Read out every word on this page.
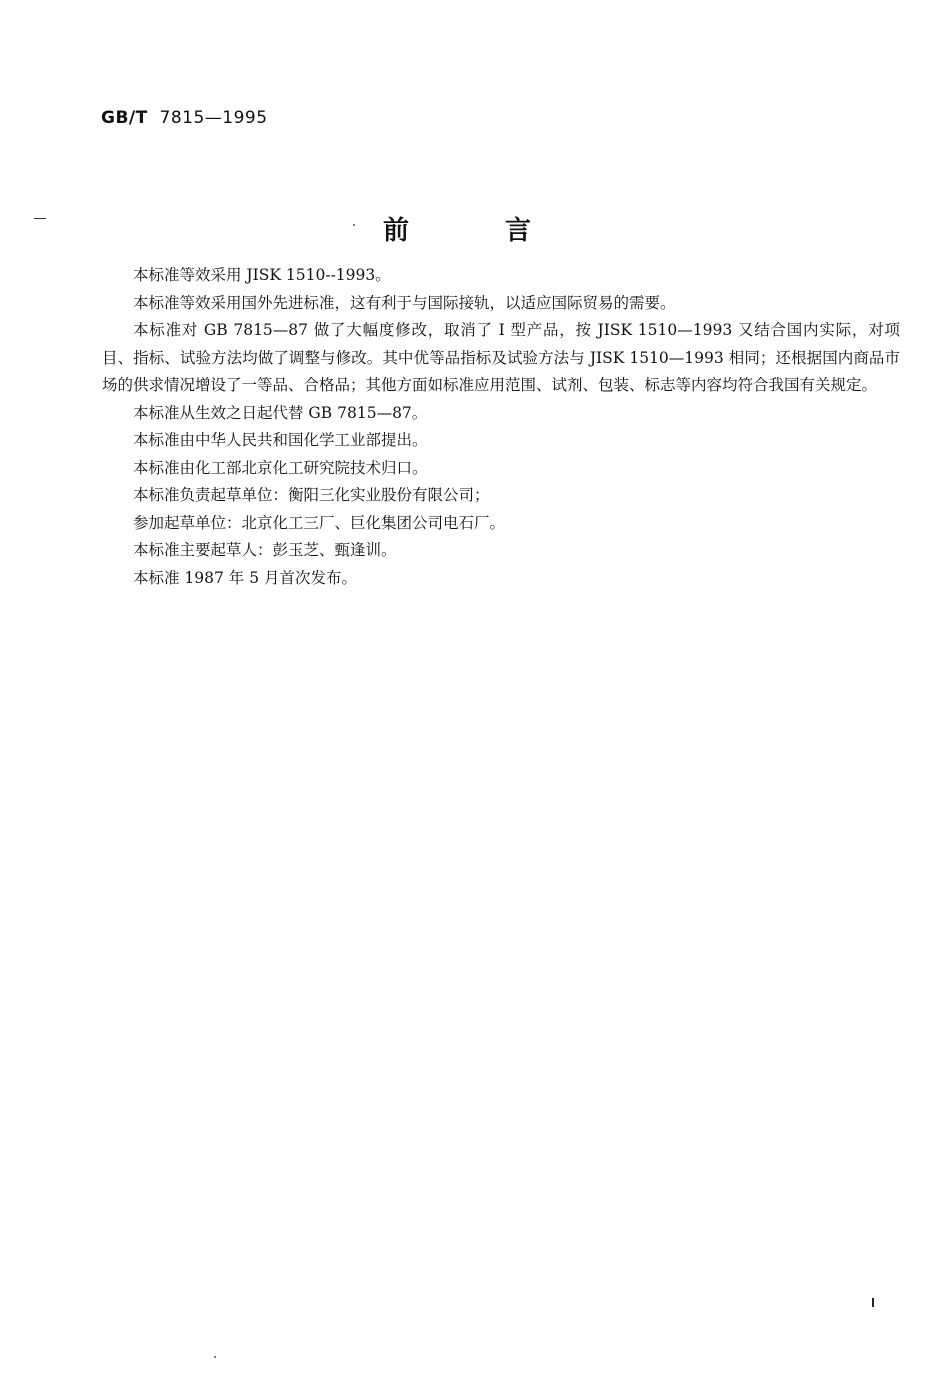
GB/T 7815—1995
前言

本标准等效采用 JISK 1510--1993。

本标准等效采用国外先进标准，这有利于与国际接轨，以适应国际贸易的需要。

本标准对 GB 7815—87 做了大幅度修改，取消了 I 型产品，按 JISK 1510—1993 又结合国内实际，对项目、指标、试验方法均做了调整与修改。其中优等品指标及试验方法与 JISK 1510—1993 相同；还根据国内商品市场的供求情况增设了一等品、合格品；其他方面如标准应用范围、试剂、包装、标志等内容均符合我国有关规定。

本标准从生效之日起代替 GB 7815—87。

本标准由中华人民共和国化学工业部提出。

本标准由化工部北京化工研究院技术归口。

本标准负责起草单位：衡阳三化实业股份有限公司；

参加起草单位：北京化工三厂、巨化集团公司电石厂。

本标准主要起草人：彭玉芝、甄逢训。

本标准 1987 年 5 月首次发布。
